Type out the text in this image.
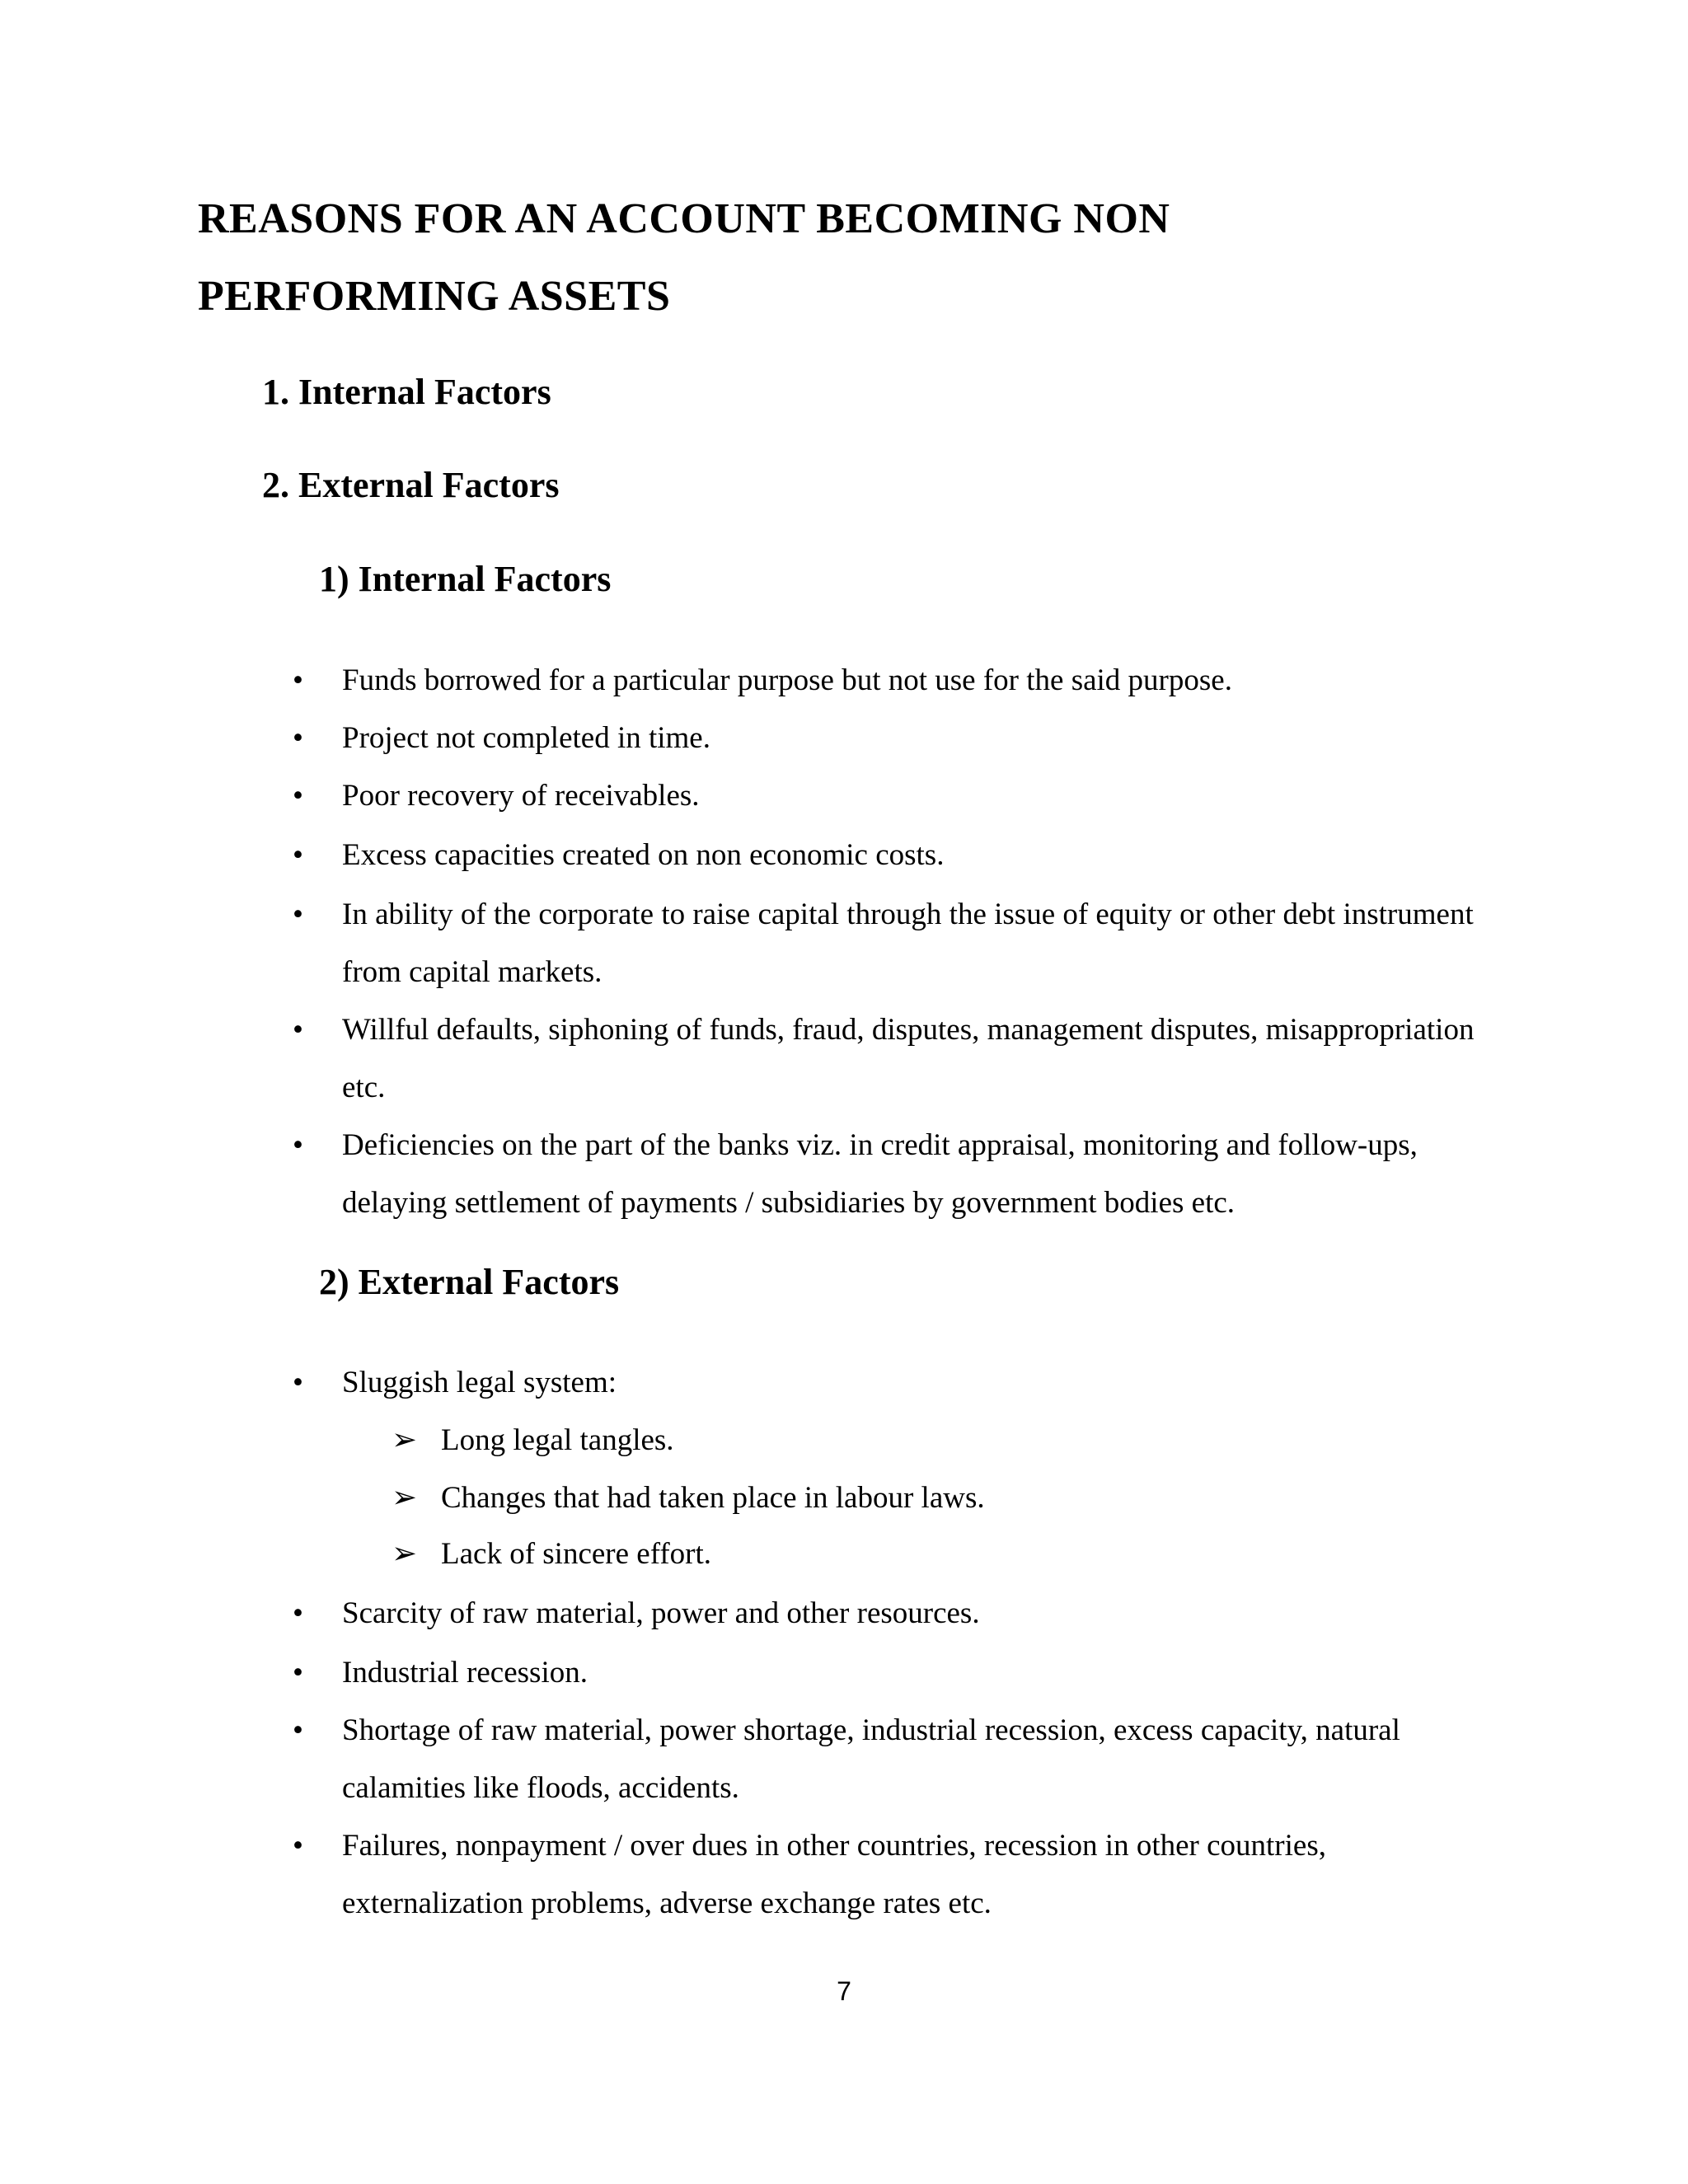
REASONS FOR AN ACCOUNT BECOMING NON
PERFORMING ASSETS
1. Internal Factors
2. External Factors
1) Internal Factors
•	Funds borrowed for a particular purpose but not use for the said purpose.
•	Project not completed in time.
•	Poor recovery of receivables.
•	Excess capacities created on non economic costs.
•	In ability of the corporate to raise capital through the issue of equity or other debt instrument from capital markets.
•	Willful defaults, siphoning of funds, fraud, disputes, management disputes, misappropriation etc.
•	Deficiencies on the part of the banks viz. in credit appraisal, monitoring and follow-ups, delaying settlement of payments / subsidiaries by government bodies etc.
2) External Factors
•	Sluggish legal system:
➢ Long legal tangles.
➢ Changes that had taken place in labour laws.
➢ Lack of sincere effort.
•	Scarcity of raw material, power and other resources.
•	Industrial recession.
•	Shortage of raw material, power shortage, industrial recession, excess capacity, natural calamities like floods, accidents.
•	Failures, nonpayment / over dues in other countries, recession in other countries, externalization problems, adverse exchange rates etc.
7
